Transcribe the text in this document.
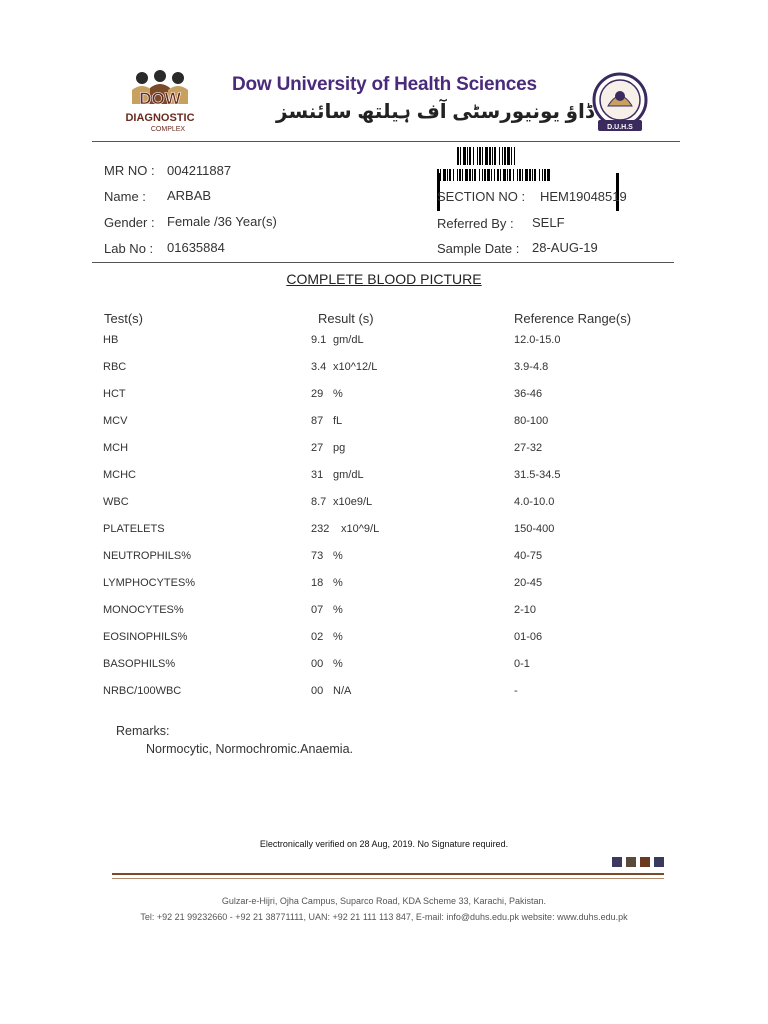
DOW
DIAGNOSTIC
COMPLEX
Dow University of Health Sciences
ڈاؤ یونیورسٹی آف ہیلتھ سائنسز
D.U.H.S
MR NO : 004211887
Name : ARBAB
Gender : Female /36 Year(s)
Lab No : 01635884
SECTION NO : HEM19048519
Referred By : SELF
Sample Date : 28-AUG-19
COMPLETE BLOOD PICTURE
Test(s)	Result (s)	Reference Range(s)
HB	9.1 gm/dL	12.0-15.0
RBC	3.4 x10^12/L	3.9-4.8
HCT	29 %	36-46
MCV	87 fL	80-100
MCH	27 pg	27-32
MCHC	31 gm/dL	31.5-34.5
WBC	8.7 x10e9/L	4.0-10.0
PLATELETS	232 x10^9/L	150-400
NEUTROPHILS%	73 %	40-75
LYMPHOCYTES%	18 %	20-45
MONOCYTES%	07 %	2-10
EOSINOPHILS%	02 %	01-06
BASOPHILS%	00 %	0-1
NRBC/100WBC	00 N/A	-
Remarks:
Normocytic, Normochromic.Anaemia.
Electronically verified on 28 Aug, 2019. No Signature required.
Gulzar-e-Hijri, Ojha Campus, Suparco Road, KDA Scheme 33, Karachi, Pakistan.
Tel: +92 21 99232660 - +92 21 38771111, UAN: +92 21 111 113 847, E-mail: info@duhs.edu.pk website: www.duhs.edu.pk
